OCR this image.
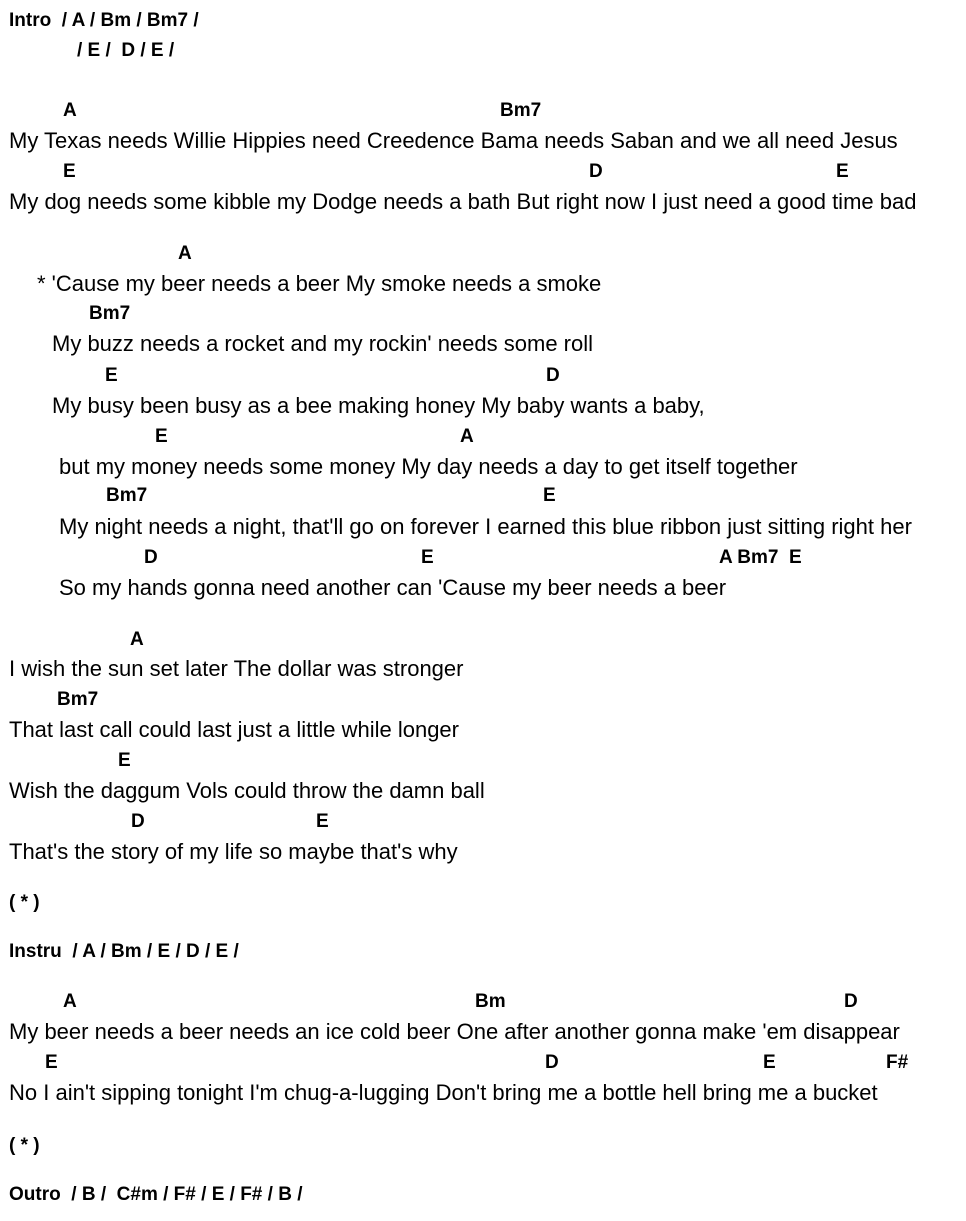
Intro  / A / Bm / Bm7 /
/ E /  D / E /
A	Bm7
My Texas needs Willie Hippies need Creedence Bama needs Saban and we all need Jesus
E	D	E
My dog needs some kibble my Dodge needs a bath But right now I just need a good time bad
A
* 'Cause my beer needs a beer My smoke needs a smoke
Bm7
My buzz needs a rocket and my rockin' needs some roll
E	D
My busy been busy as a bee making honey My baby wants a baby,
E	A
but my money needs some money My day needs a day to get itself together
Bm7	E
My night needs a night, that'll go on forever I earned this blue ribbon just sitting right her
D	E	A Bm7  E
So my hands gonna need another can 'Cause my beer needs a beer
A
I wish the sun set later The dollar was stronger
Bm7
That last call could last just a little while longer
E
Wish the daggum Vols could throw the damn ball
D	E
That's the story of my life so maybe that's why
( * )
Instru  / A / Bm / E / D / E /
A	Bm	D
My beer needs a beer needs an ice cold beer One after another gonna make 'em disappear
E	D	E	F#
No I ain't sipping tonight I'm chug-a-lugging Don't bring me a bottle hell bring me a bucket
( * )
Outro  / B /  C#m / F# / E / F# / B /
